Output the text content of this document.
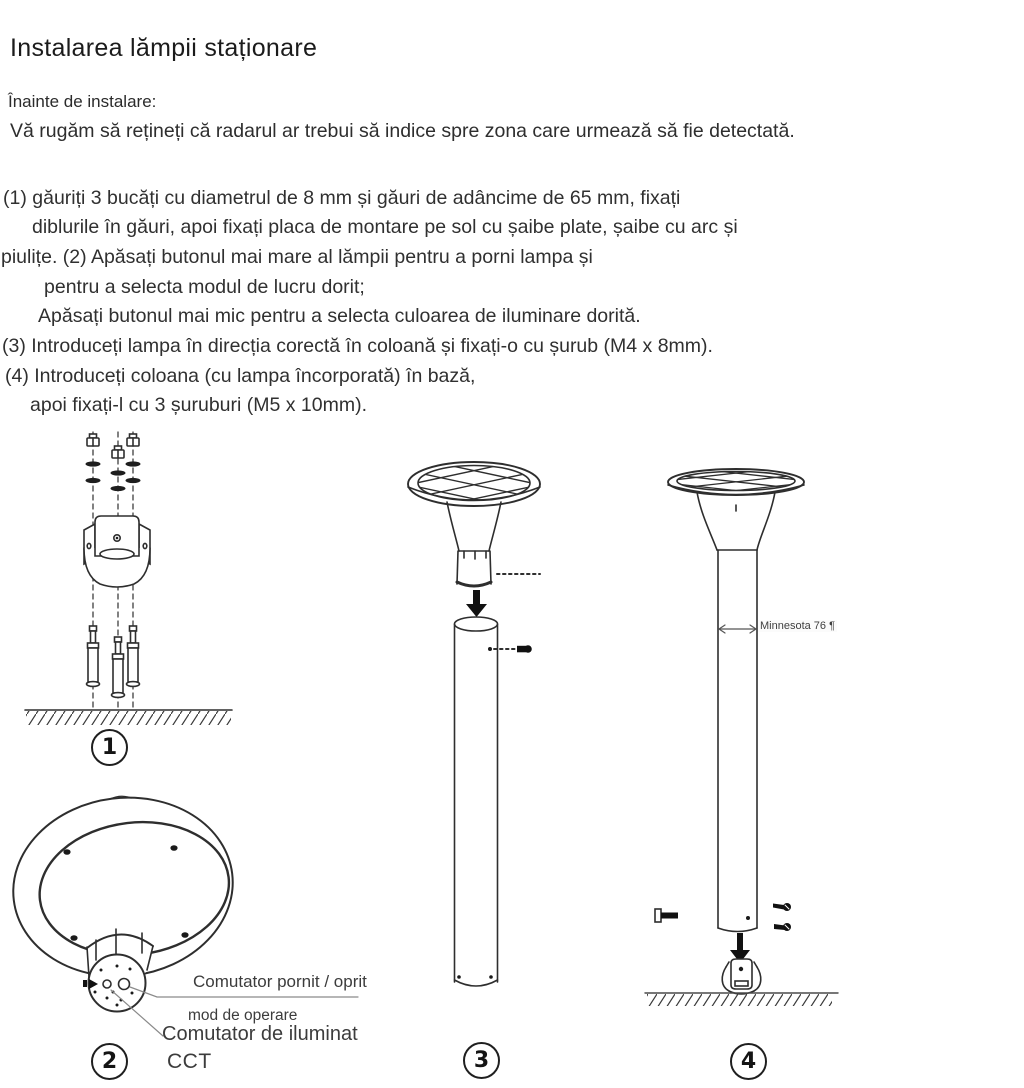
Instalarea lămpii staționare
Înainte de instalare:
Vă rugăm să rețineți că radarul ar trebui să indice spre zona care urmează să fie detectată.
(1) găuriți 3 bucăți cu diametrul de 8 mm și găuri de adâncime de 65 mm, fixați
diblurile în găuri, apoi fixați placa de montare pe sol cu șaibe plate, șaibe cu arc și
piulițe. (2) Apăsați butonul mai mare al lămpii pentru a porni lampa și
pentru a selecta modul de lucru dorit;
Apăsați butonul mai mic pentru a selecta culoarea de iluminare dorită.
(3) Introduceți lampa în direcția corectă în coloană și fixați-o cu șurub (M4 x 8mm).
(4) Introduceți coloana (cu lampa încorporată) în bază,
apoi fixați-l cu 3 șuruburi (M5 x 10mm).
1
2	3	4
Comutator pornit / oprit
mod de operare
Comutator de iluminat
CCT
Minnesota 76 ¶
